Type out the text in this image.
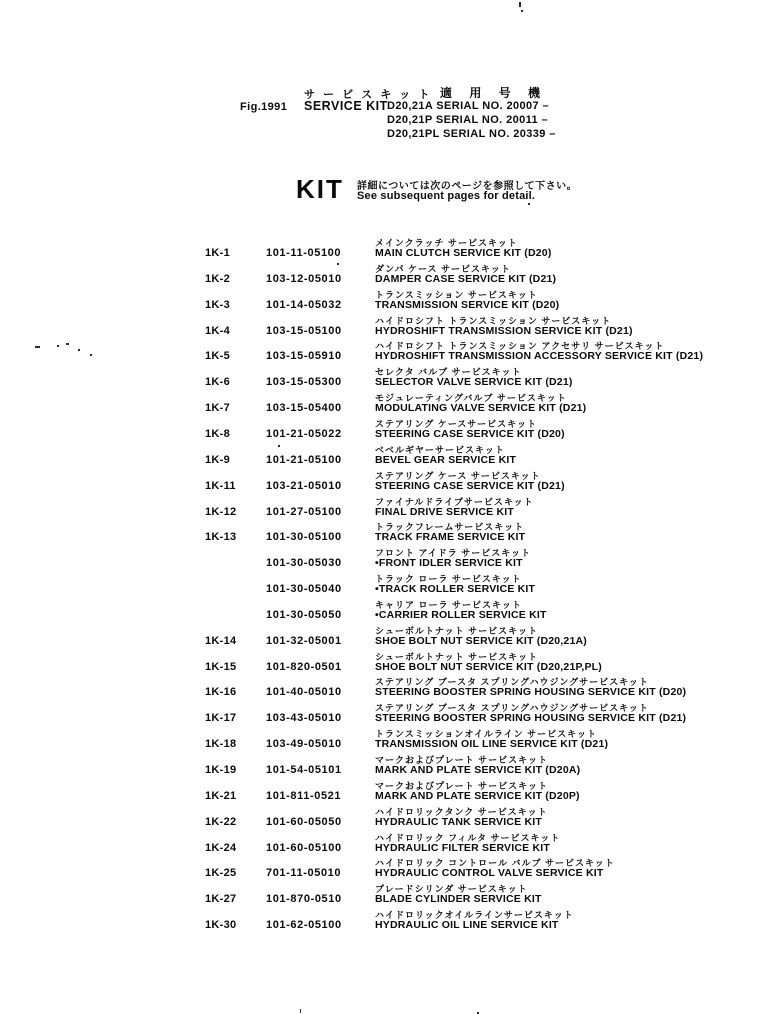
Fig.1991
サ ー ビ ス キ ッ ト
SERVICE KIT
適 用 号 機
D20,21A SERIAL NO. 20007 –
D20,21P SERIAL NO. 20011 –
D20,21PL SERIAL NO. 20339 –
KIT 詳細については次のページを参照して下さい。
See subsequent pages for detail.
1K-1	101-11-05100
メインクラッチ サービスキット
MAIN CLUTCH SERVICE KIT (D20)
1K-2	103-12-05010
ダンパ ケース サービスキット
DAMPER CASE SERVICE KIT (D21)
1K-3	101-14-05032
トランスミッション サービスキット
TRANSMISSION SERVICE KIT (D20)
1K-4	103-15-05100
ハイドロシフト トランスミッション サービスキット
HYDROSHIFT TRANSMISSION SERVICE KIT (D21)
1K-5	103-15-05910
ハイドロシフト トランスミッション アクセサリ サービスキット
HYDROSHIFT TRANSMISSION ACCESSORY SERVICE KIT (D21)
1K-6	103-15-05300
セレクタ バルブ サービスキット
SELECTOR VALVE SERVICE KIT (D21)
1K-7	103-15-05400
モジュレーティングバルブ サービスキット
MODULATING VALVE SERVICE KIT (D21)
1K-8	101-21-05022
ステアリング ケースサービスキット
STEERING CASE SERVICE KIT (D20)
1K-9	101-21-05100
ベベルギヤーサービスキット
BEVEL GEAR SERVICE KIT
1K-11	103-21-05010
ステアリング ケース サービスキット
STEERING CASE SERVICE KIT (D21)
1K-12	101-27-05100
ファイナルドライブサービスキット
FINAL DRIVE SERVICE KIT
1K-13	101-30-05100
トラックフレームサービスキット
TRACK FRAME SERVICE KIT
101-30-05030
フロント アイドラ サービスキット
•FRONT IDLER SERVICE KIT
101-30-05040
トラック ローラ サービスキット
•TRACK ROLLER SERVICE KIT
101-30-05050
キャリア ローラ サービスキット
•CARRIER ROLLER SERVICE KIT
1K-14	101-32-05001
シューボルトナット サービスキット
SHOE BOLT NUT SERVICE KIT (D20,21A)
1K-15	101-820-0501
シューボルトナット サービスキット
SHOE BOLT NUT SERVICE KIT (D20,21P,PL)
1K-16	101-40-05010
ステアリング ブースタ スプリングハウジングサービスキット
STEERING BOOSTER SPRING HOUSING SERVICE KIT (D20)
1K-17	103-43-05010
ステアリング ブースタ スプリングハウジングサービスキット
STEERING BOOSTER SPRING HOUSING SERVICE KIT (D21)
1K-18	103-49-05010
トランスミッションオイルライン サービスキット
TRANSMISSION OIL LINE SERVICE KIT (D21)
1K-19	101-54-05101
マークおよびプレート サービスキット
MARK AND PLATE SERVICE KIT (D20A)
1K-21	101-811-0521
マークおよびプレート サービスキット
MARK AND PLATE SERVICE KIT (D20P)
1K-22	101-60-05050
ハイドロリックタンク サービスキット
HYDRAULIC TANK SERVICE KIT
1K-24	101-60-05100
ハイドロリック フィルタ サービスキット
HYDRAULIC FILTER SERVICE KIT
1K-25	701-11-05010
ハイドロリック コントロール バルブ サービスキット
HYDRAULIC CONTROL VALVE SERVICE KIT
1K-27	101-870-0510
ブレードシリンダ サービスキット
BLADE CYLINDER SERVICE KIT
1K-30	101-62-05100
ハイドロリックオイルラインサービスキット
HYDRAULIC OIL LINE SERVICE KIT
